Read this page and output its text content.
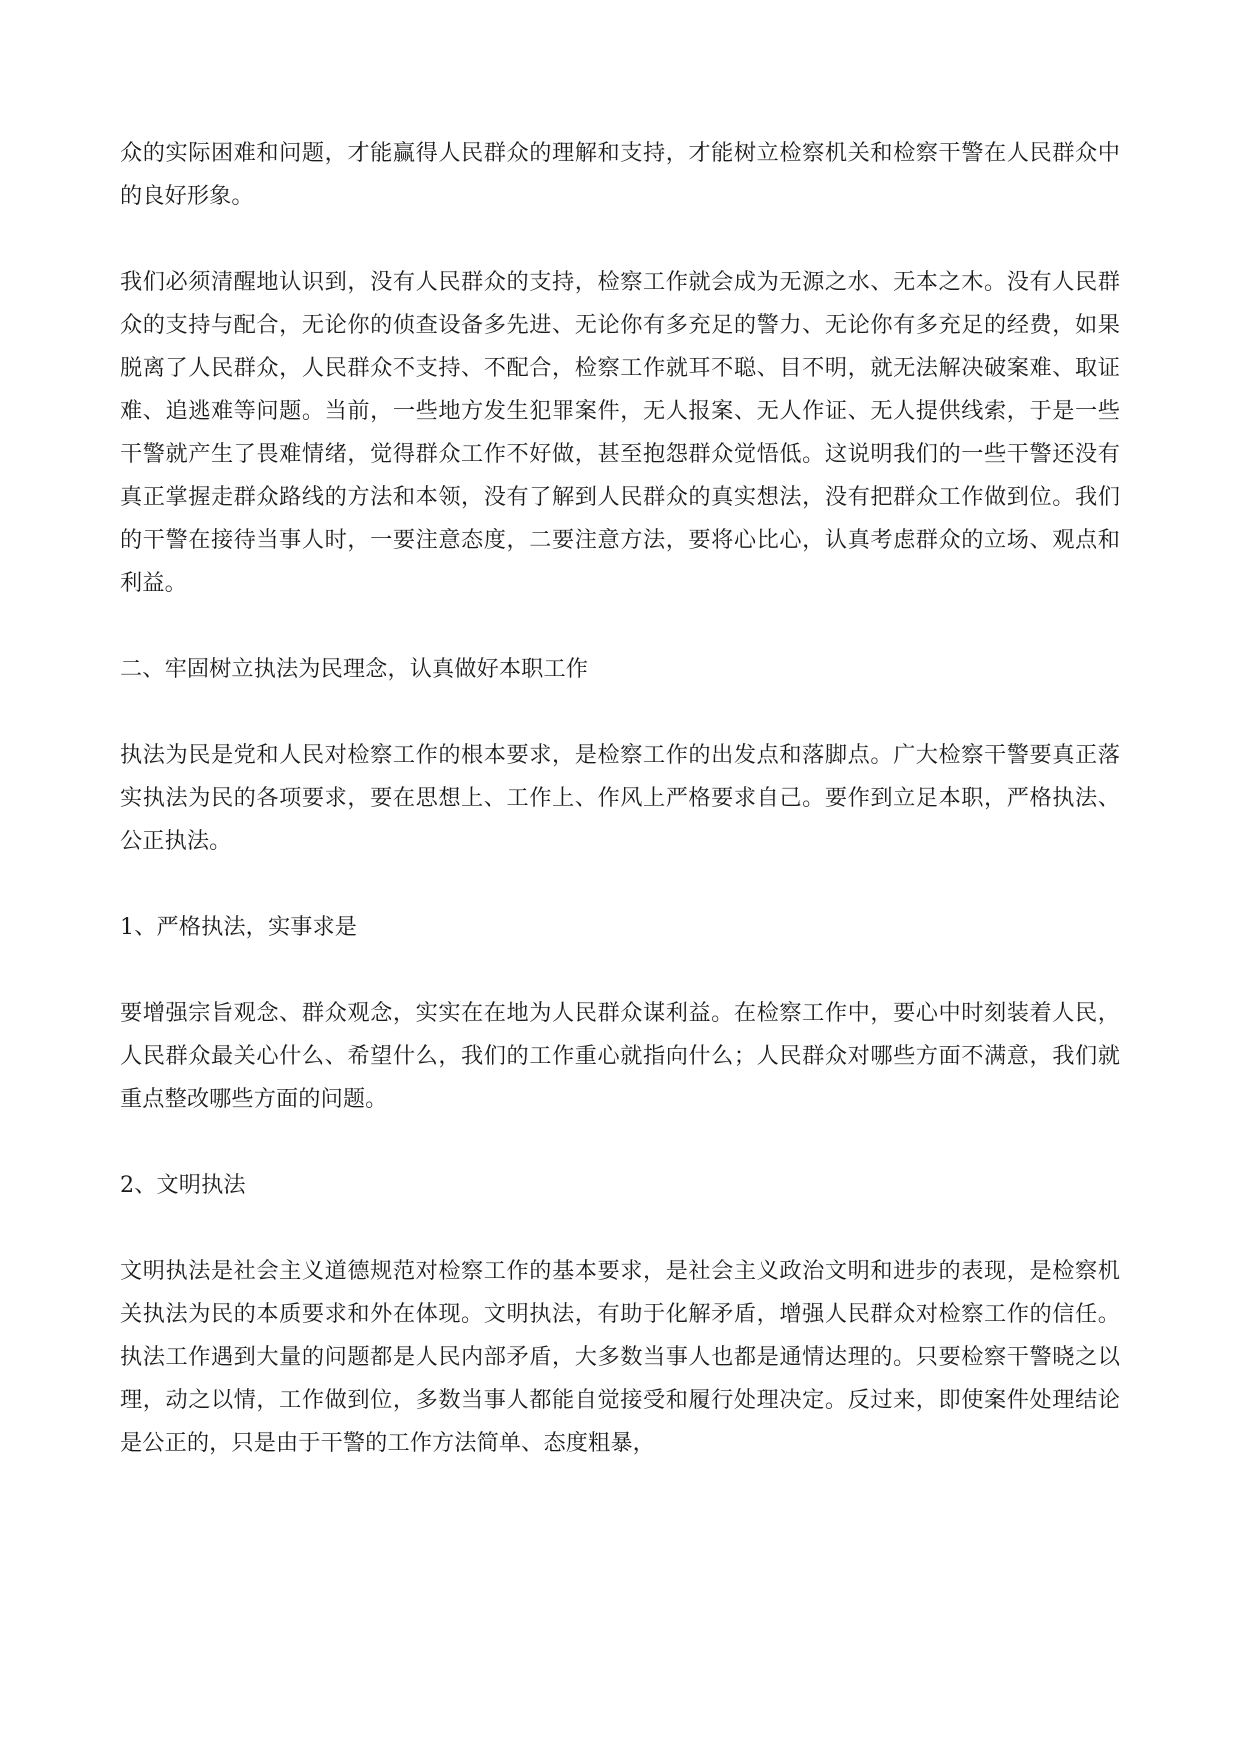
众的实际困难和问题，才能赢得人民群众的理解和支持，才能树立检察机关和检察干警在人民群众中的良好形象。

我们必须清醒地认识到，没有人民群众的支持，检察工作就会成为无源之水、无本之木。没有人民群众的支持与配合，无论你的侦查设备多先进、无论你有多充足的警力、无论你有多充足的经费，如果脱离了人民群众，人民群众不支持、不配合，检察工作就耳不聪、目不明，就无法解决破案难、取证难、追逃难等问题。当前，一些地方发生犯罪案件，无人报案、无人作证、无人提供线索，于是一些干警就产生了畏难情绪，觉得群众工作不好做，甚至抱怨群众觉悟低。这说明我们的一些干警还没有真正掌握走群众路线的方法和本领，没有了解到人民群众的真实想法，没有把群众工作做到位。我们的干警在接待当事人时，一要注意态度，二要注意方法，要将心比心，认真考虑群众的立场、观点和利益。

二、牢固树立执法为民理念，认真做好本职工作

执法为民是党和人民对检察工作的根本要求，是检察工作的出发点和落脚点。广大检察干警要真正落实执法为民的各项要求，要在思想上、工作上、作风上严格要求自己。要作到立足本职，严格执法、公正执法。

1、严格执法，实事求是

要增强宗旨观念、群众观念，实实在在地为人民群众谋利益。在检察工作中，要心中时刻装着人民，人民群众最关心什么、希望什么，我们的工作重心就指向什么；人民群众对哪些方面不满意，我们就重点整改哪些方面的问题。

2、文明执法

文明执法是社会主义道德规范对检察工作的基本要求，是社会主义政治文明和进步的表现，是检察机关执法为民的本质要求和外在体现。文明执法，有助于化解矛盾，增强人民群众对检察工作的信任。执法工作遇到大量的问题都是人民内部矛盾，大多数当事人也都是通情达理的。只要检察干警晓之以理，动之以情，工作做到位，多数当事人都能自觉接受和履行处理决定。反过来，即使案件处理结论是公正的，只是由于干警的工作方法简单、态度粗暴，
